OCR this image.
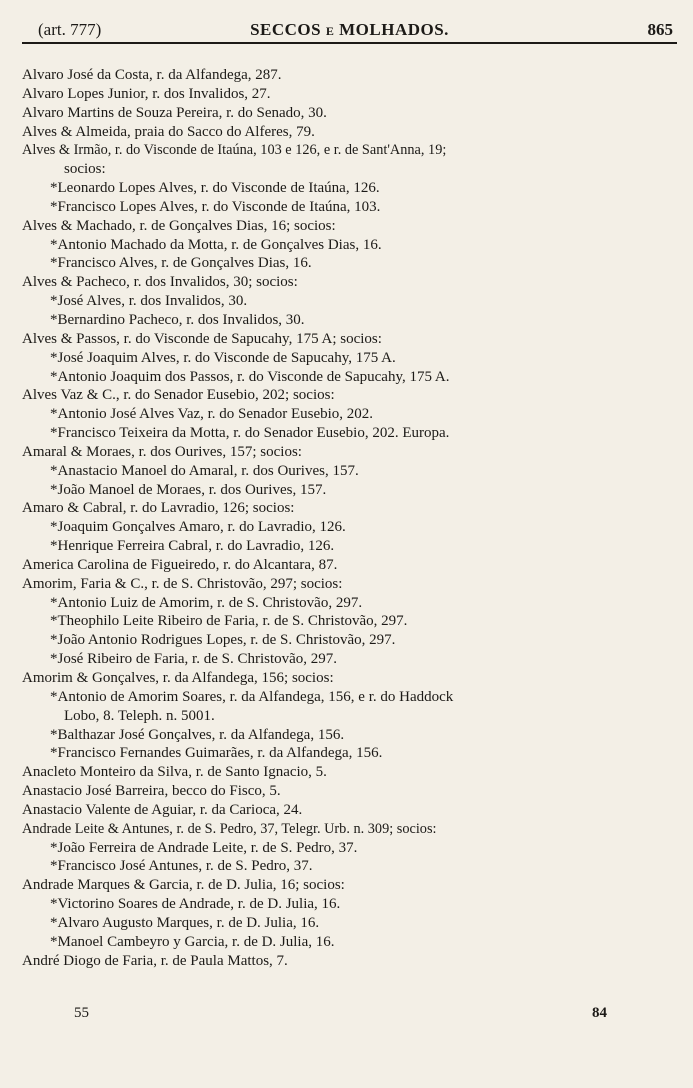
(art. 777)	SECCOS e MOLHADOS.	865
Alvaro José da Costa, r. da Alfandega, 287.
Alvaro Lopes Junior, r. dos Invalidos, 27.
Alvaro Martins de Souza Pereira, r. do Senado, 30.
Alves & Almeida, praia do Sacco do Alferes, 79.
Alves & Irmão, r. do Visconde de Itaúna, 103 e 126, e r. de Sant'Anna, 19;
socios:
*Leonardo Lopes Alves, r. do Visconde de Itaúna, 126.
*Francisco Lopes Alves, r. do Visconde de Itaúna, 103.
Alves & Machado, r. de Gonçalves Dias, 16; socios:
*Antonio Machado da Motta, r. de Gonçalves Dias, 16.
*Francisco Alves, r. de Gonçalves Dias, 16.
Alves & Pacheco, r. dos Invalidos, 30; socios:
*José Alves, r. dos Invalidos, 30.
*Bernardino Pacheco, r. dos Invalidos, 30.
Alves & Passos, r. do Visconde de Sapucahy, 175 A; socios:
*José Joaquim Alves, r. do Visconde de Sapucahy, 175 A.
*Antonio Joaquim dos Passos, r. do Visconde de Sapucahy, 175 A.
Alves Vaz & C., r. do Senador Eusebio, 202; socios:
*Antonio José Alves Vaz, r. do Senador Eusebio, 202.
*Francisco Teixeira da Motta, r. do Senador Eusebio, 202. Europa.
Amaral & Moraes, r. dos Ourives, 157; socios:
*Anastacio Manoel do Amaral, r. dos Ourives, 157.
*João Manoel de Moraes, r. dos Ourives, 157.
Amaro & Cabral, r. do Lavradio, 126; socios:
*Joaquim Gonçalves Amaro, r. do Lavradio, 126.
*Henrique Ferreira Cabral, r. do Lavradio, 126.
America Carolina de Figueiredo, r. do Alcantara, 87.
Amorim, Faria & C., r. de S. Christovão, 297; socios:
*Antonio Luiz de Amorim, r. de S. Christovão, 297.
*Theophilo Leite Ribeiro de Faria, r. de S. Christovão, 297.
*João Antonio Rodrigues Lopes, r. de S. Christovão, 297.
*José Ribeiro de Faria, r. de S. Christovão, 297.
Amorim & Gonçalves, r. da Alfandega, 156; socios:
*Antonio de Amorim Soares, r. da Alfandega, 156, e r. do Haddock
Lobo, 8. Teleph. n. 5001.
*Balthazar José Gonçalves, r. da Alfandega, 156.
*Francisco Fernandes Guimarães, r. da Alfandega, 156.
Anacleto Monteiro da Silva, r. de Santo Ignacio, 5.
Anastacio José Barreira, becco do Fisco, 5.
Anastacio Valente de Aguiar, r. da Carioca, 24.
Andrade Leite & Antunes, r. de S. Pedro, 37, Telegr. Urb. n. 309; socios:
*João Ferreira de Andrade Leite, r. de S. Pedro, 37.
*Francisco José Antunes, r. de S. Pedro, 37.
Andrade Marques & Garcia, r. de D. Julia, 16; socios:
*Victorino Soares de Andrade, r. de D. Julia, 16.
*Alvaro Augusto Marques, r. de D. Julia, 16.
*Manoel Cambeyro y Garcia, r. de D. Julia, 16.
André Diogo de Faria, r. de Paula Mattos, 7.
55	84
